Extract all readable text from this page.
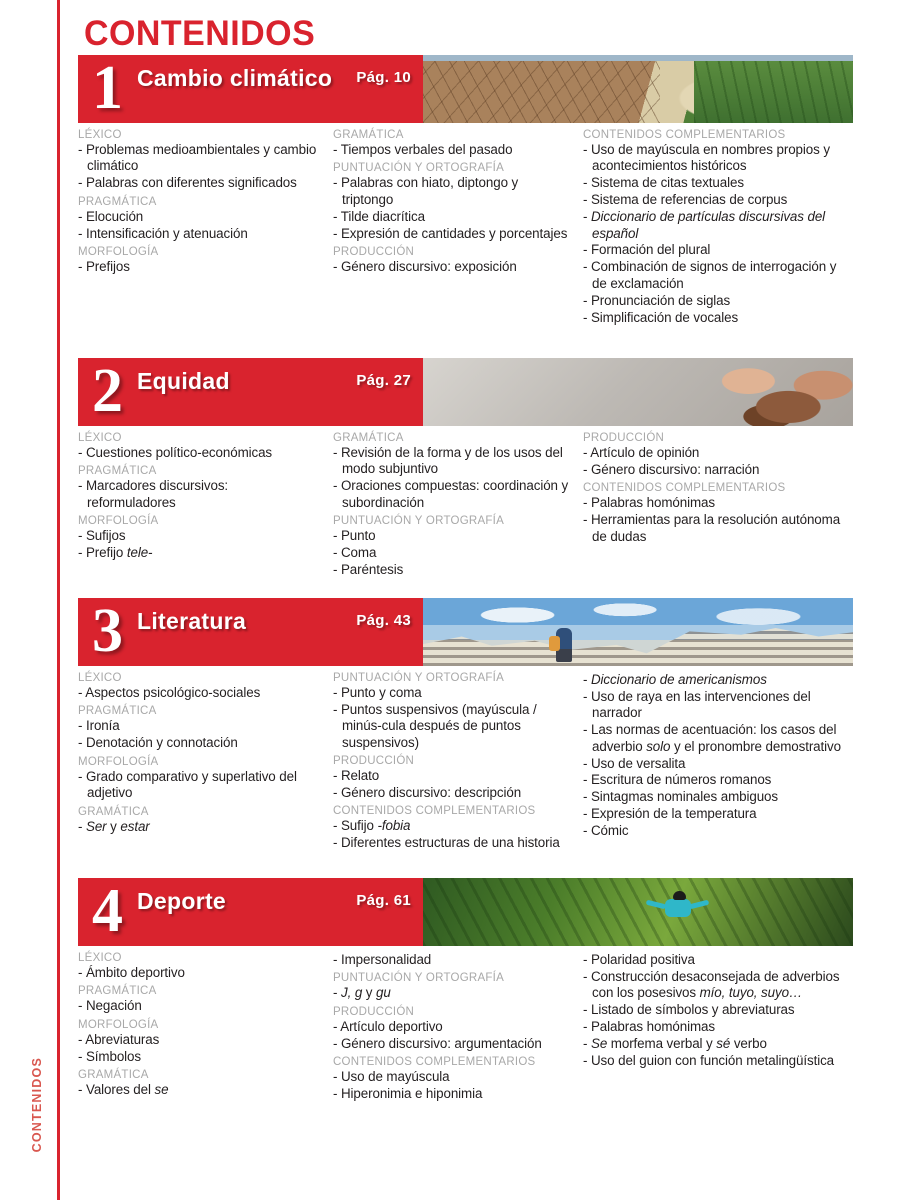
CONTENIDOS
CONTENIDOS
1 Cambio climático	Pág. 10
LÉXICO
- Problemas medioambientales y cambio climático
- Palabras con diferentes significados
PRAGMÁTICA
- Elocución
- Intensificación y atenuación
MORFOLOGÍA
- Prefijos
GRAMÁTICA
- Tiempos verbales del pasado
PUNTUACIÓN Y ORTOGRAFÍA
- Palabras con hiato, diptongo y triptongo
- Tilde diacrítica
- Expresión de cantidades y porcentajes
PRODUCCIÓN
- Género discursivo: exposición
CONTENIDOS COMPLEMENTARIOS
- Uso de mayúscula en nombres propios y acontecimientos históricos
- Sistema de citas textuales
- Sistema de referencias de corpus
- Diccionario de partículas discursivas del español
- Formación del plural
- Combinación de signos de interrogación y de exclamación
- Pronunciación de siglas
- Simplificación de vocales
2 Equidad	Pág. 27
LÉXICO
- Cuestiones político-económicas
PRAGMÁTICA
- Marcadores discursivos: reformuladores
MORFOLOGÍA
- Sufijos
- Prefijo tele-
GRAMÁTICA
- Revisión de la forma y de los usos del modo subjuntivo
- Oraciones compuestas: coordinación y subordinación
PUNTUACIÓN Y ORTOGRAFÍA
- Punto
- Coma
- Paréntesis
PRODUCCIÓN
- Artículo de opinión
- Género discursivo: narración
CONTENIDOS COMPLEMENTARIOS
- Palabras homónimas
- Herramientas para la resolución autónoma de dudas
3 Literatura	Pág. 43
LÉXICO
- Aspectos psicológico-sociales
PRAGMÁTICA
- Ironía
- Denotación y connotación
MORFOLOGÍA
- Grado comparativo y superlativo del adjetivo
GRAMÁTICA
- Ser y estar
PUNTUACIÓN Y ORTOGRAFÍA
- Punto y coma
- Puntos suspensivos (mayúscula / minús-cula después de puntos suspensivos)
PRODUCCIÓN
- Relato
- Género discursivo: descripción
CONTENIDOS COMPLEMENTARIOS
- Sufijo -fobia
- Diferentes estructuras de una historia
- Diccionario de americanismos
- Uso de raya en las intervenciones del narrador
- Las normas de acentuación: los casos del adverbio solo y el pronombre demostrativo
- Uso de versalita
- Escritura de números romanos
- Sintagmas nominales ambiguos
- Expresión de la temperatura
- Cómic
4 Deporte	Pág. 61
LÉXICO
- Ámbito deportivo
PRAGMÁTICA
- Negación
MORFOLOGÍA
- Abreviaturas
- Símbolos
GRAMÁTICA
- Valores del se
- Impersonalidad
PUNTUACIÓN Y ORTOGRAFÍA
- J, g y gu
PRODUCCIÓN
- Artículo deportivo
- Género discursivo: argumentación
CONTENIDOS COMPLEMENTARIOS
- Uso de mayúscula
- Hiperonimia e hiponimia
- Polaridad positiva
- Construcción desaconsejada de adverbios con los posesivos mío, tuyo, suyo…
- Listado de símbolos y abreviaturas
- Palabras homónimas
- Se morfema verbal y sé verbo
- Uso del guion con función metalingüística
